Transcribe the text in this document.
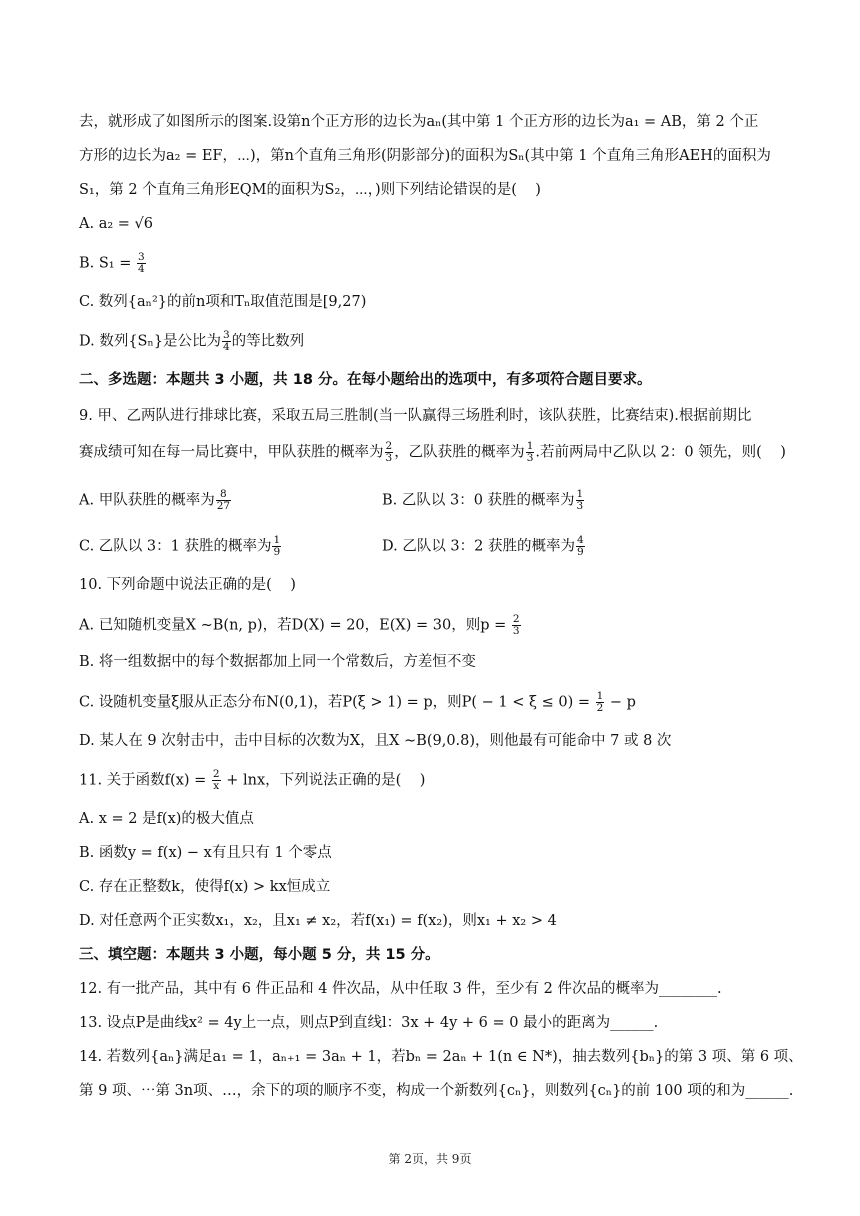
去，就形成了如图所示的图案.设第n个正方形的边长为aₙ(其中第 1 个正方形的边长为a₁ = AB，第 2 个正
方形的边长为a₂ = EF，⋯)，第n个直角三角形(阴影部分)的面积为Sₙ(其中第 1 个直角三角形AEH的面积为
S₁，第 2 个直角三角形EQM的面积为S₂，⋯，)则下列结论错误的是(    )
A. a₂ = √6
B. $S_1 = \frac{3}{4}$
C. 数列{aₙ²}的前n项和Tₙ取值范围是[9,27)
D. 数列{Sₙ}是公比为 $\frac{3}{4}$ 的等比数列
二、多选题：本题共 3 小题，共 18 分。在每小题给出的选项中，有多项符合题目要求。
9. 甲、乙两队进行排球比赛，采取五局三胜制(当一队赢得三场胜利时，该队获胜，比赛结束).根据前期比
赛成绩可知在每一局比赛中，甲队获胜的概率为 $\frac{2}{3}$ ，乙队获胜的概率为 $\frac{1}{3}$ .若前两局中乙队以 2：0 领先，则(    )
A. 甲队获胜的概率为 $\frac{8}{27}$	B. 乙队以 3：0 获胜的概率为 $\frac{1}{3}$
C. 乙队以 3：1 获胜的概率为 $\frac{1}{9}$	D. 乙队以 3：2 获胜的概率为 $\frac{4}{9}$
10. 下列命题中说法正确的是(    )
A. 已知随机变量X ∼B(n, p)，若D(X) = 20，E(X) = 30，则$p = \frac{2}{3}$
B. 将一组数据中的每个数据都加上同一个常数后，方差恒不变
C. 设随机变量ξ服从正态分布N(0,1)，若P(ξ > 1) = p，则$P( - 1 < \xi \le 0) = \frac{1}{2} - p$
D. 某人在 9 次射击中，击中目标的次数为X，且X ∼B(9,0.8)，则他最有可能命中 7 或 8 次
11. 关于函数$f(x) = \frac{2}{x} + \ln x$，下列说法正确的是(    )
A. x = 2 是f(x)的极大值点
B. 函数y = f(x) − x有且只有 1 个零点
C. 存在正整数k，使得f(x) > kx恒成立
D. 对任意两个正实数x₁，x₂，且x₁ ≠ x₂，若f(x₁) = f(x₂)，则x₁ + x₂ > 4
三、填空题：本题共 3 小题，每小题 5 分，共 15 分。
12. 有一批产品，其中有 6 件正品和 4 件次品，从中任取 3 件，至少有 2 件次品的概率为________.
13. 设点P是曲线x² = 4y上一点，则点P到直线l：3x + 4y + 6 = 0 最小的距离为______.
14. 若数列{aₙ}满足a₁ = 1，aₙ₊₁ = 3aₙ + 1，若bₙ = 2aₙ + 1(n ∈ N*)，抽去数列{bₙ}的第 3 项、第 6 项、
第 9 项、⋯第 3n项、…，余下的项的顺序不变，构成一个新数列{cₙ}，则数列{cₙ}的前 100 项的和为______.
第 2页，共 9页
